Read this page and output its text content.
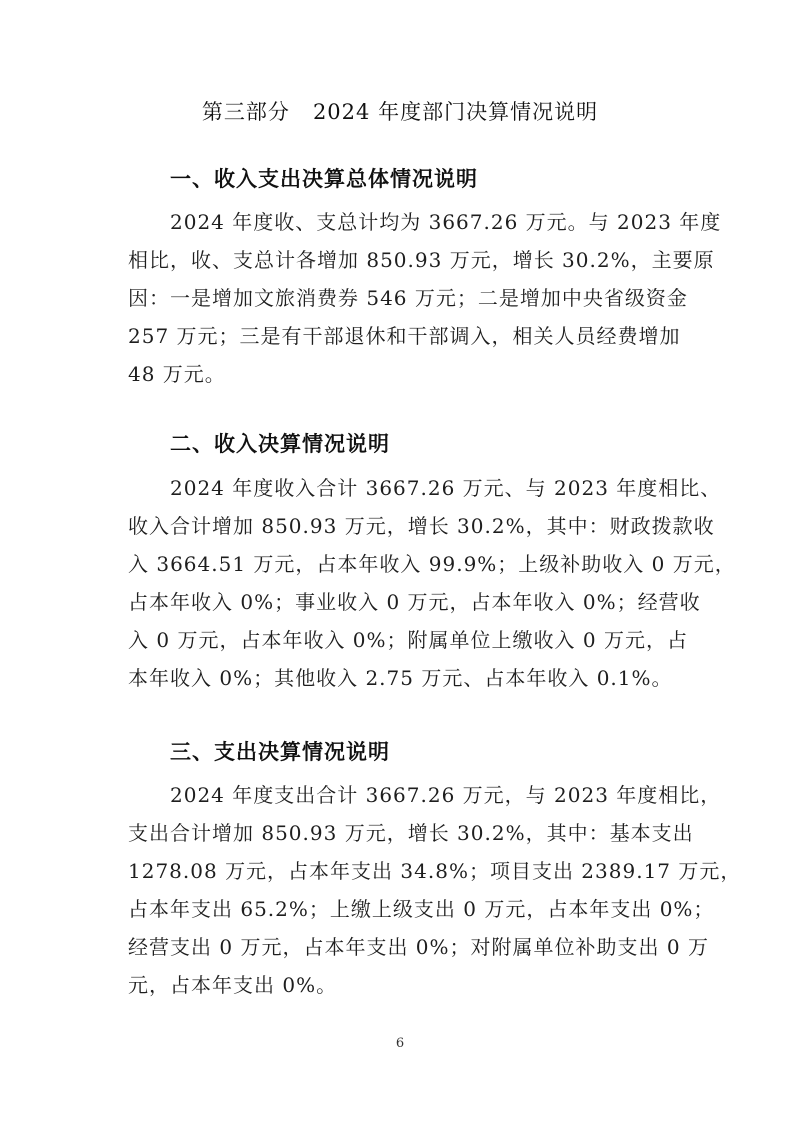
第三部分   2024 年度部门决算情况说明
一、收入支出决算总体情况说明
　　2024 年度收、支总计均为 3667.26 万元。与 2023 年度
相比，收、支总计各增加 850.93 万元，增长 30.2%，主要原
因：一是增加文旅消费券 546 万元；二是增加中央省级资金
257 万元；三是有干部退休和干部调入，相关人员经费增加
48 万元。
二、收入决算情况说明
　　2024 年度收入合计 3667.26 万元、与 2023 年度相比、
收入合计增加 850.93 万元，增长 30.2%，其中：财政拨款收
入 3664.51 万元，占本年收入 99.9%；上级补助收入 0 万元，
占本年收入 0%；事业收入 0 万元，占本年收入 0%；经营收
入 0 万元，占本年收入 0%；附属单位上缴收入 0 万元，占
本年收入 0%；其他收入 2.75 万元、占本年收入 0.1%。
三、支出决算情况说明
　　2024 年度支出合计 3667.26 万元，与 2023 年度相比，
支出合计增加 850.93 万元，增长 30.2%，其中：基本支出
1278.08 万元，占本年支出 34.8%；项目支出 2389.17 万元，
占本年支出 65.2%；上缴上级支出 0 万元，占本年支出 0%；
经营支出 0 万元，占本年支出 0%；对附属单位补助支出 0 万
元，占本年支出 0%。
6
